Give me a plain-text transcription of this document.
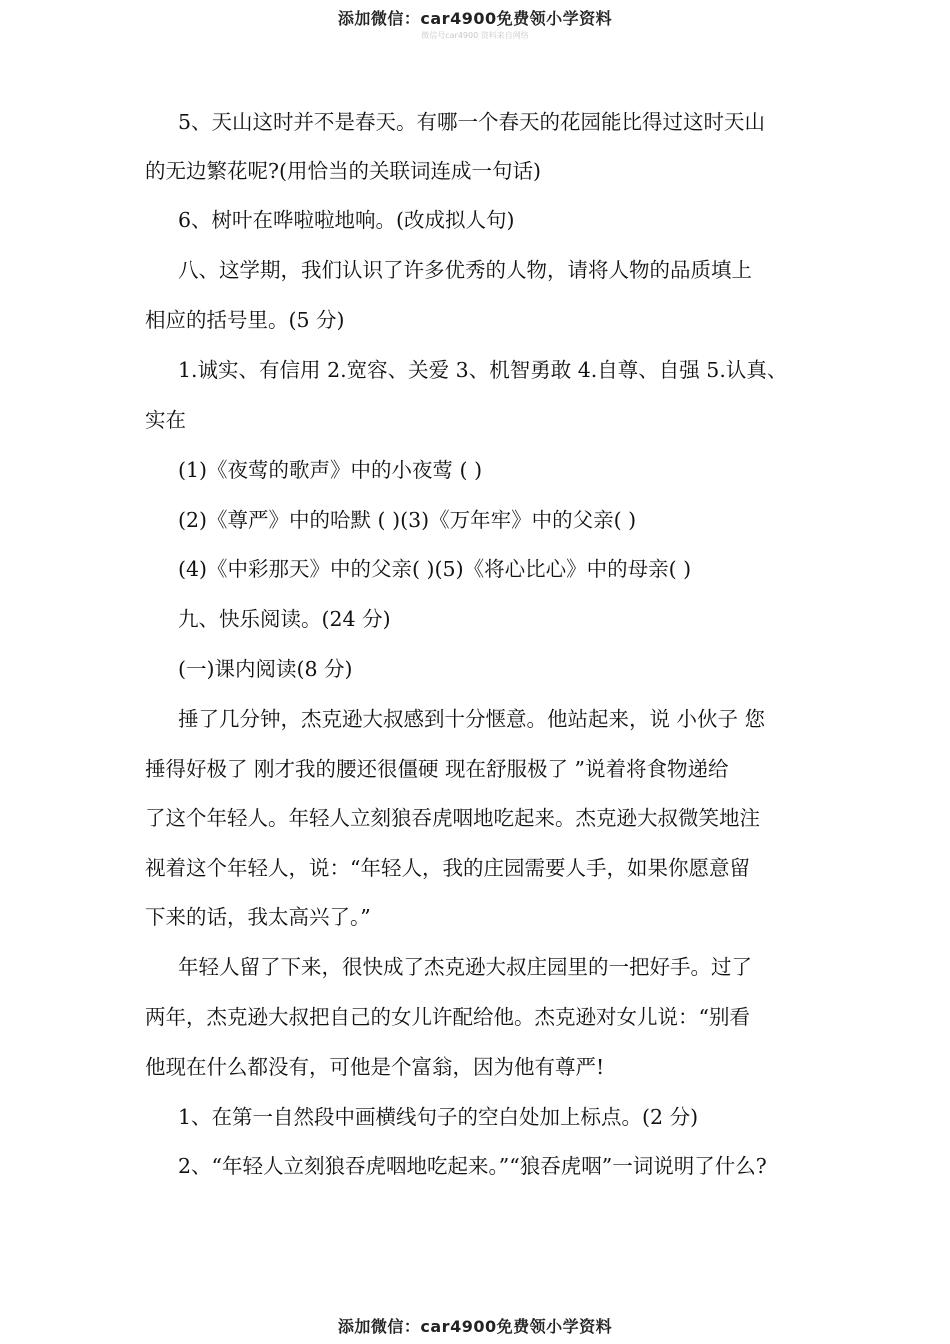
添加微信：car4900免费领小学资料
微信号car4900 资料来自网络
5、天山这时并不是春天。有哪一个春天的花园能比得过这时天山
的无边繁花呢?(用恰当的关联词连成一句话)
6、树叶在哗啦啦地响。(改成拟人句)
八、这学期，我们认识了许多优秀的人物，请将人物的品质填上
相应的括号里。(5 分)
1.诚实、有信用 2.宽容、关爱 3、机智勇敢 4.自尊、自强 5.认真、
实在
(1)《夜莺的歌声》中的小夜莺 ( )
(2)《尊严》中的哈默 ( )(3)《万年牢》中的父亲( )
(4)《中彩那天》中的父亲( )(5)《将心比心》中的母亲( )
九、快乐阅读。(24 分)
(一)课内阅读(8 分)
捶了几分钟，杰克逊大叔感到十分惬意。他站起来，说 小伙子 您
捶得好极了 刚才我的腰还很僵硬 现在舒服极了 ”说着将食物递给
了这个年轻人。年轻人立刻狼吞虎咽地吃起来。杰克逊大叔微笑地注
视着这个年轻人，说：“年轻人，我的庄园需要人手，如果你愿意留
下来的话，我太高兴了。”
年轻人留了下来，很快成了杰克逊大叔庄园里的一把好手。过了
两年，杰克逊大叔把自己的女儿许配给他。杰克逊对女儿说：“别看
他现在什么都没有，可他是个富翁，因为他有尊严!
1、在第一自然段中画横线句子的空白处加上标点。(2 分)
2、“年轻人立刻狼吞虎咽地吃起来。”“狼吞虎咽”一词说明了什么?
添加微信：car4900免费领小学资料
